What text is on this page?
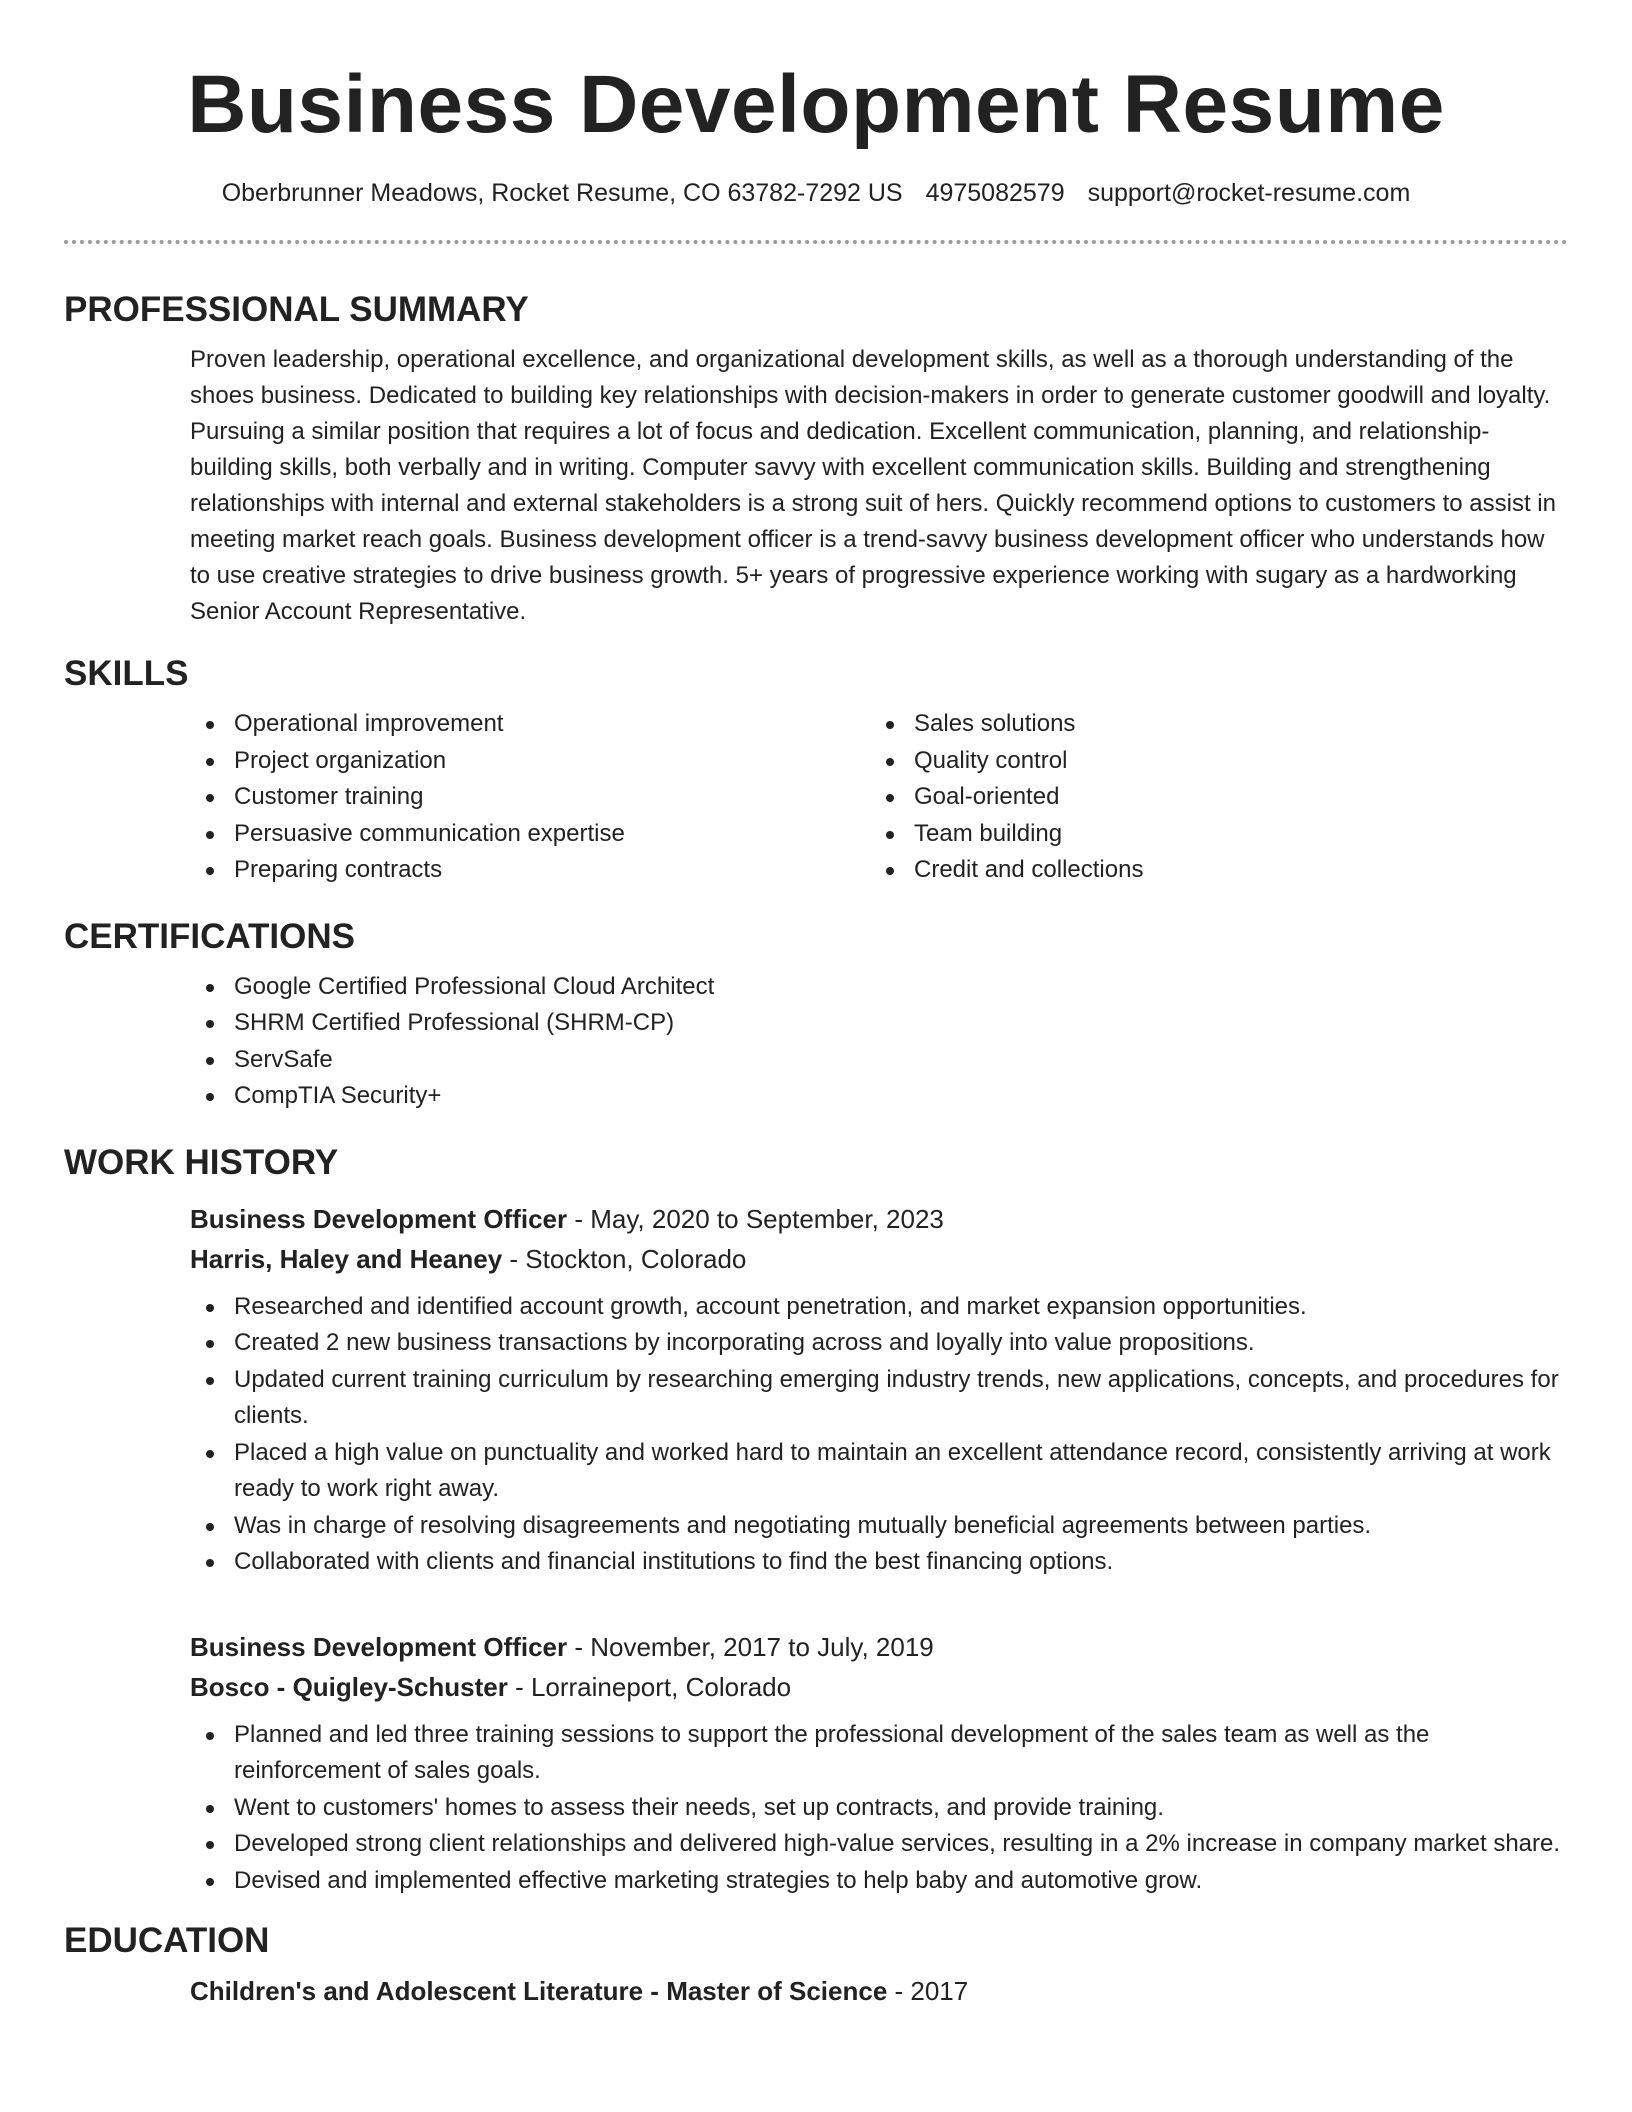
Business Development Resume
Oberbrunner Meadows, Rocket Resume, CO 63782-7292 US 4975082579 support@rocket-resume.com
PROFESSIONAL SUMMARY

Proven leadership, operational excellence, and organizational development skills, as well as a thorough understanding of the shoes business. Dedicated to building key relationships with decision-makers in order to generate customer goodwill and loyalty. Pursuing a similar position that requires a lot of focus and dedication. Excellent communication, planning, and relationship-building skills, both verbally and in writing. Computer savvy with excellent communication skills. Building and strengthening relationships with internal and external stakeholders is a strong suit of hers. Quickly recommend options to customers to assist in meeting market reach goals. Business development officer is a trend-savvy business development officer who understands how to use creative strategies to drive business growth. 5+ years of progressive experience working with sugary as a hardworking Senior Account Representative.

SKILLS
Operational improvement
Project organization
Customer training
Persuasive communication expertise
Preparing contracts
Sales solutions
Quality control
Goal-oriented
Team building
Credit and collections
CERTIFICATIONS
Google Certified Professional Cloud Architect
SHRM Certified Professional (SHRM-CP)
ServSafe
CompTIA Security+
WORK HISTORY
Business Development Officer - May, 2020 to September, 2023
Harris, Haley and Heaney - Stockton, Colorado
Researched and identified account growth, account penetration, and market expansion opportunities.
Created 2 new business transactions by incorporating across and loyally into value propositions.
Updated current training curriculum by researching emerging industry trends, new applications, concepts, and procedures for clients.
Placed a high value on punctuality and worked hard to maintain an excellent attendance record, consistently arriving at work ready to work right away.
Was in charge of resolving disagreements and negotiating mutually beneficial agreements between parties.
Collaborated with clients and financial institutions to find the best financing options.
Business Development Officer - November, 2017 to July, 2019
Bosco - Quigley-Schuster - Lorraineport, Colorado
Planned and led three training sessions to support the professional development of the sales team as well as the reinforcement of sales goals.
Went to customers' homes to assess their needs, set up contracts, and provide training.
Developed strong client relationships and delivered high-value services, resulting in a 2% increase in company market share.
Devised and implemented effective marketing strategies to help baby and automotive grow.
EDUCATION
Children's and Adolescent Literature - Master of Science - 2017
